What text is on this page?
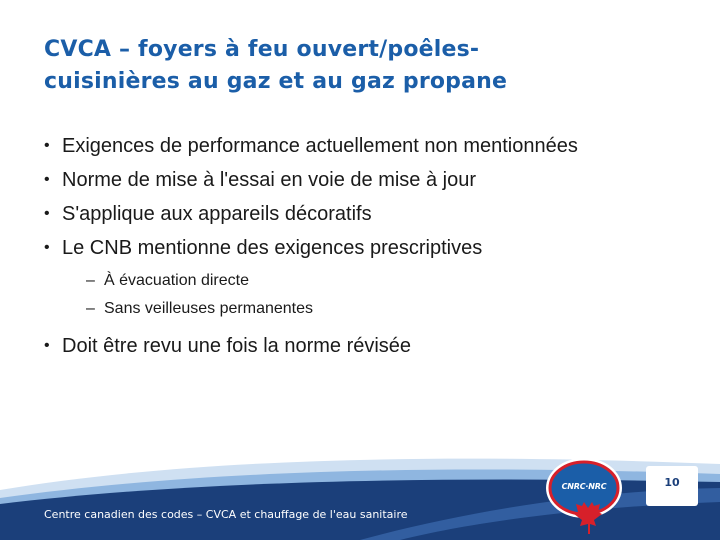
CVCA – foyers à feu ouvert/poêles-
cuisinières au gaz et au gaz propane
• Exigences de performance actuellement non mentionnées
• Norme de mise à l'essai en voie de mise à jour
• S'applique aux appareils décoratifs
• Le CNB mentionne des exigences prescriptives
– À évacuation directe
– Sans veilleuses permanentes
• Doit être revu une fois la norme révisée
Centre canadien des codes – CVCA et chauffage de l'eau sanitaire
CNRC·NRC	10
